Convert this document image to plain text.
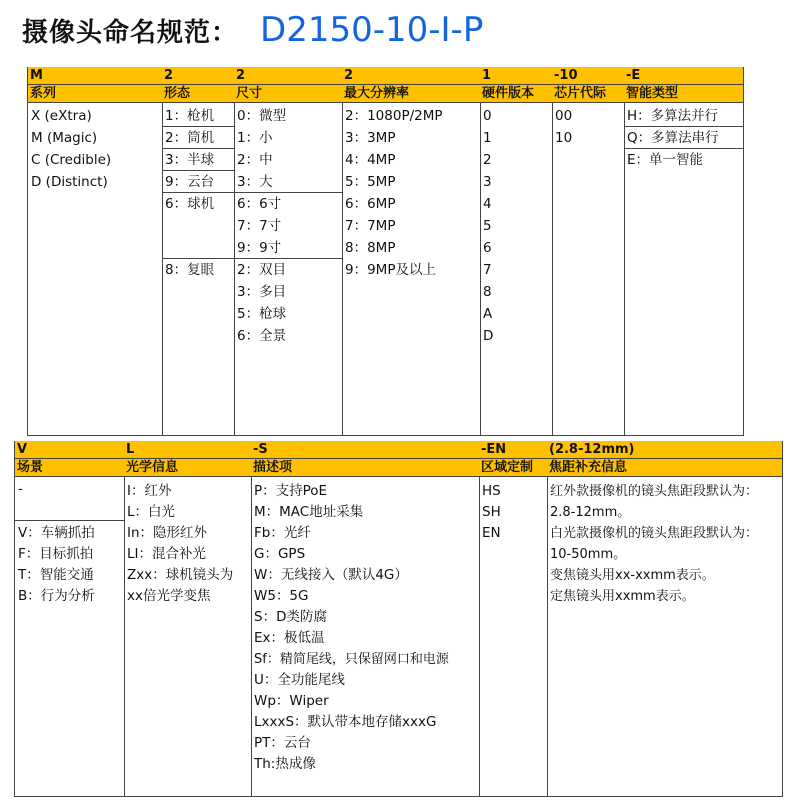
摄像头命名规范： D2150-10-I-P
M
系列
X (eXtra)
M (Magic)
C (Credible)
D (Distinct)
2
形态
1：枪机
2：筒机
3：半球
9：云台
6：球机
8：复眼
2
尺寸
0：微型
1：小
2：中
3：大
6：6寸
7：7寸
9：9寸
2：双目
3：多目
5：枪球
6：全景
2
最大分辨率
2：1080P/2MP
3：3MP
4：4MP
5：5MP
6：6MP
7：7MP
8：8MP
9：9MP及以上
1
硬件版本
0
1
2
3
4
5
6
7
8
A
D
-10
芯片代际
00
10
-E
智能类型
H：多算法并行
Q：多算法串行
E：单一智能
V
场景
-
V：车辆抓拍
F：目标抓拍
T：智能交通
B：行为分析
L
光学信息
I：红外
L：白光
In：隐形红外
LI：混合补光
Zxx：球机镜头为
xx倍光学变焦
-S
描述项
P：支持PoE
M：MAC地址采集
Fb：光纤
G：GPS
W：无线接入（默认4G）
W5：5G
S：D类防腐
Ex：极低温
Sf：精简尾线，只保留网口和电源
U：全功能尾线
Wp：Wiper
LxxxS：默认带本地存储xxxG
PT：云台
Th:热成像
-EN
区域定制
HS
SH
EN
(2.8-12mm)
焦距补充信息
红外款摄像机的镜头焦距段默认为：
2.8-12mm。
白光款摄像机的镜头焦距段默认为：
10-50mm。
变焦镜头用xx-xxmm表示。
定焦镜头用xxmm表示。
